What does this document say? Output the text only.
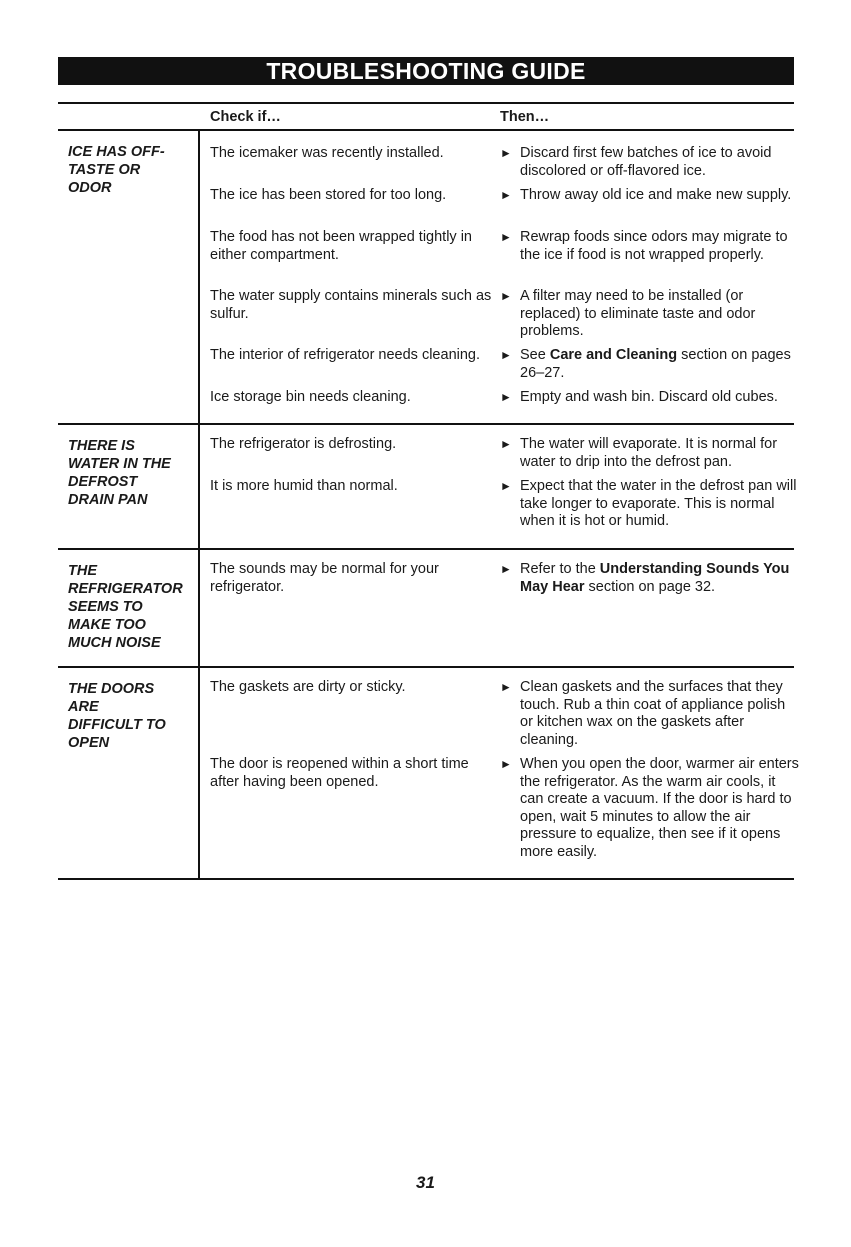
TROUBLESHOOTING GUIDE
Check if…	Then…
ICE HAS OFF-
TASTE OR
ODOR
The icemaker was recently installed.	► Discard first few batches of ice to avoid discolored or off-flavored ice.
The ice has been stored for too long.	► Throw away old ice and make new supply.
The food has not been wrapped tightly in either compartment.
► Rewrap foods since odors may migrate to the ice if food is not wrapped properly.
The water supply contains minerals such as sulfur.
► A filter may need to be installed (or replaced) to eliminate taste and odor problems.
The interior of refrigerator needs cleaning.	► See Care and Cleaning section on pages 26–27.
Ice storage bin needs cleaning.	► Empty and wash bin. Discard old cubes.
THERE IS
WATER IN THE
DEFROST
DRAIN PAN
The refrigerator is defrosting.	► The water will evaporate. It is normal for water to drip into the defrost pan.
It is more humid than normal.	► Expect that the water in the defrost pan will take longer to evaporate. This is normal when it is hot or humid.
THE
REFRIGERATOR
SEEMS TO
MAKE TOO
MUCH NOISE
The sounds may be normal for your refrigerator.
► Refer to the Understanding Sounds You May Hear section on page 32.
THE DOORS
ARE
DIFFICULT TO
OPEN
The gaskets are dirty or sticky.	► Clean gaskets and the surfaces that they touch. Rub a thin coat of appliance polish or kitchen wax on the gaskets after cleaning.
The door is reopened within a short time after having been opened.
► When you open the door, warmer air enters the refrigerator. As the warm air cools, it can create a vacuum. If the door is hard to open, wait 5 minutes to allow the air pressure to equalize, then see if it opens more easily.
31
